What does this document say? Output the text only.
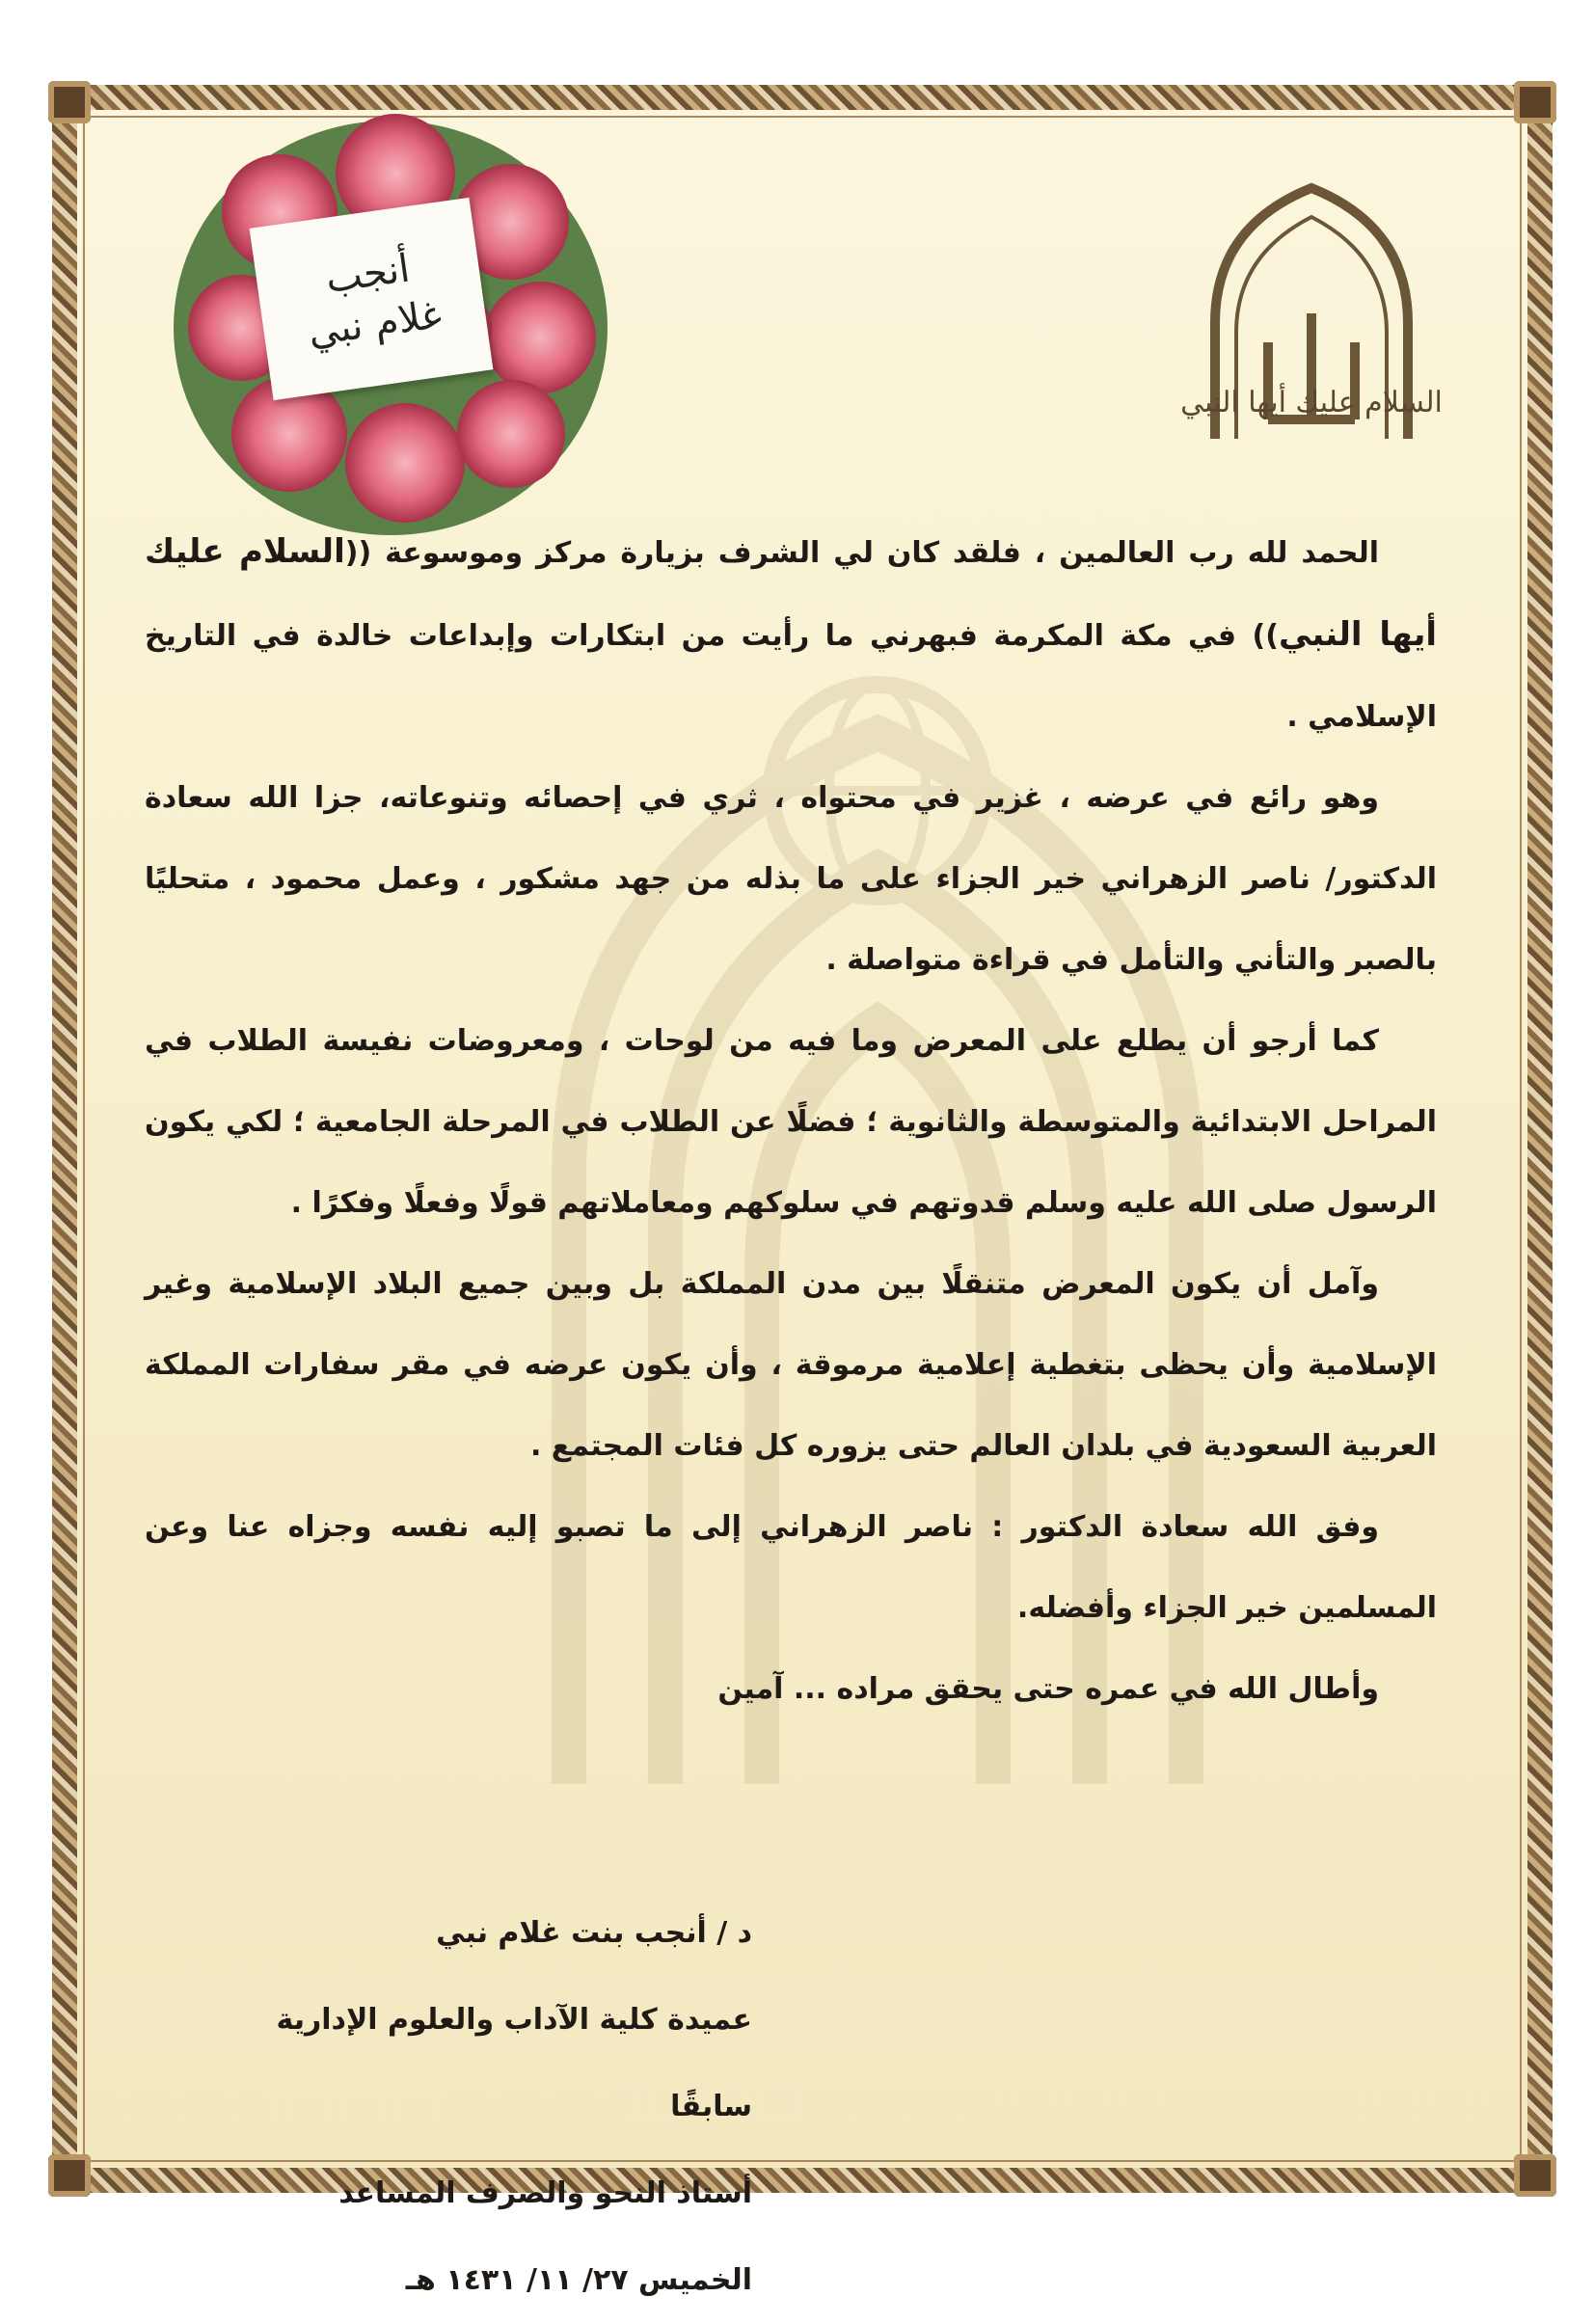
السلام عليك أيها النبي
أنجب
غلام نبي

الحمد لله رب العالمين ، فلقد كان لي الشرف بزيارة مركز وموسوعة ((السلام عليك أيها النبي)) في مكة المكرمة فبهرني ما رأيت من ابتكارات وإبداعات خالدة في التاريخ الإسلامي .

وهو رائع في عرضه ، غزير في محتواه ، ثري في إحصائه وتنوعاته، جزا الله سعادة الدكتور/ ناصر الزهراني خير الجزاء على ما بذله من جهد مشكور ، وعمل محمود ، متحليًا بالصبر والتأني والتأمل في قراءة متواصلة .

كما أرجو أن يطلع على المعرض وما فيه من لوحات ، ومعروضات نفيسة الطلاب في المراحل الابتدائية والمتوسطة والثانوية ؛ فضلًا عن الطلاب في المرحلة الجامعية ؛ لكي يكون الرسول صلى الله عليه وسلم قدوتهم في سلوكهم ومعاملاتهم قولًا وفعلًا وفكرًا .

وآمل أن يكون المعرض متنقلًا بين مدن المملكة بل وبين جميع البلاد الإسلامية وغير الإسلامية وأن يحظى بتغطية إعلامية مرموقة ، وأن يكون عرضه في مقر سفارات المملكة العربية السعودية في بلدان العالم حتى يزوره كل فئات المجتمع .

وفق الله سعادة الدكتور : ناصر الزهراني إلى ما تصبو إليه نفسه وجزاه عنا وعن المسلمين خير الجزاء وأفضله.

وأطال الله في عمره حتى يحقق مراده ... آمين

د / أنجب بنت غلام نبي
عميدة كلية الآداب والعلوم الإدارية سابقًا
أستاذ النحو والصرف المساعد
الخميس ٢٧/ ١١/ ١٤٣١ هـ
